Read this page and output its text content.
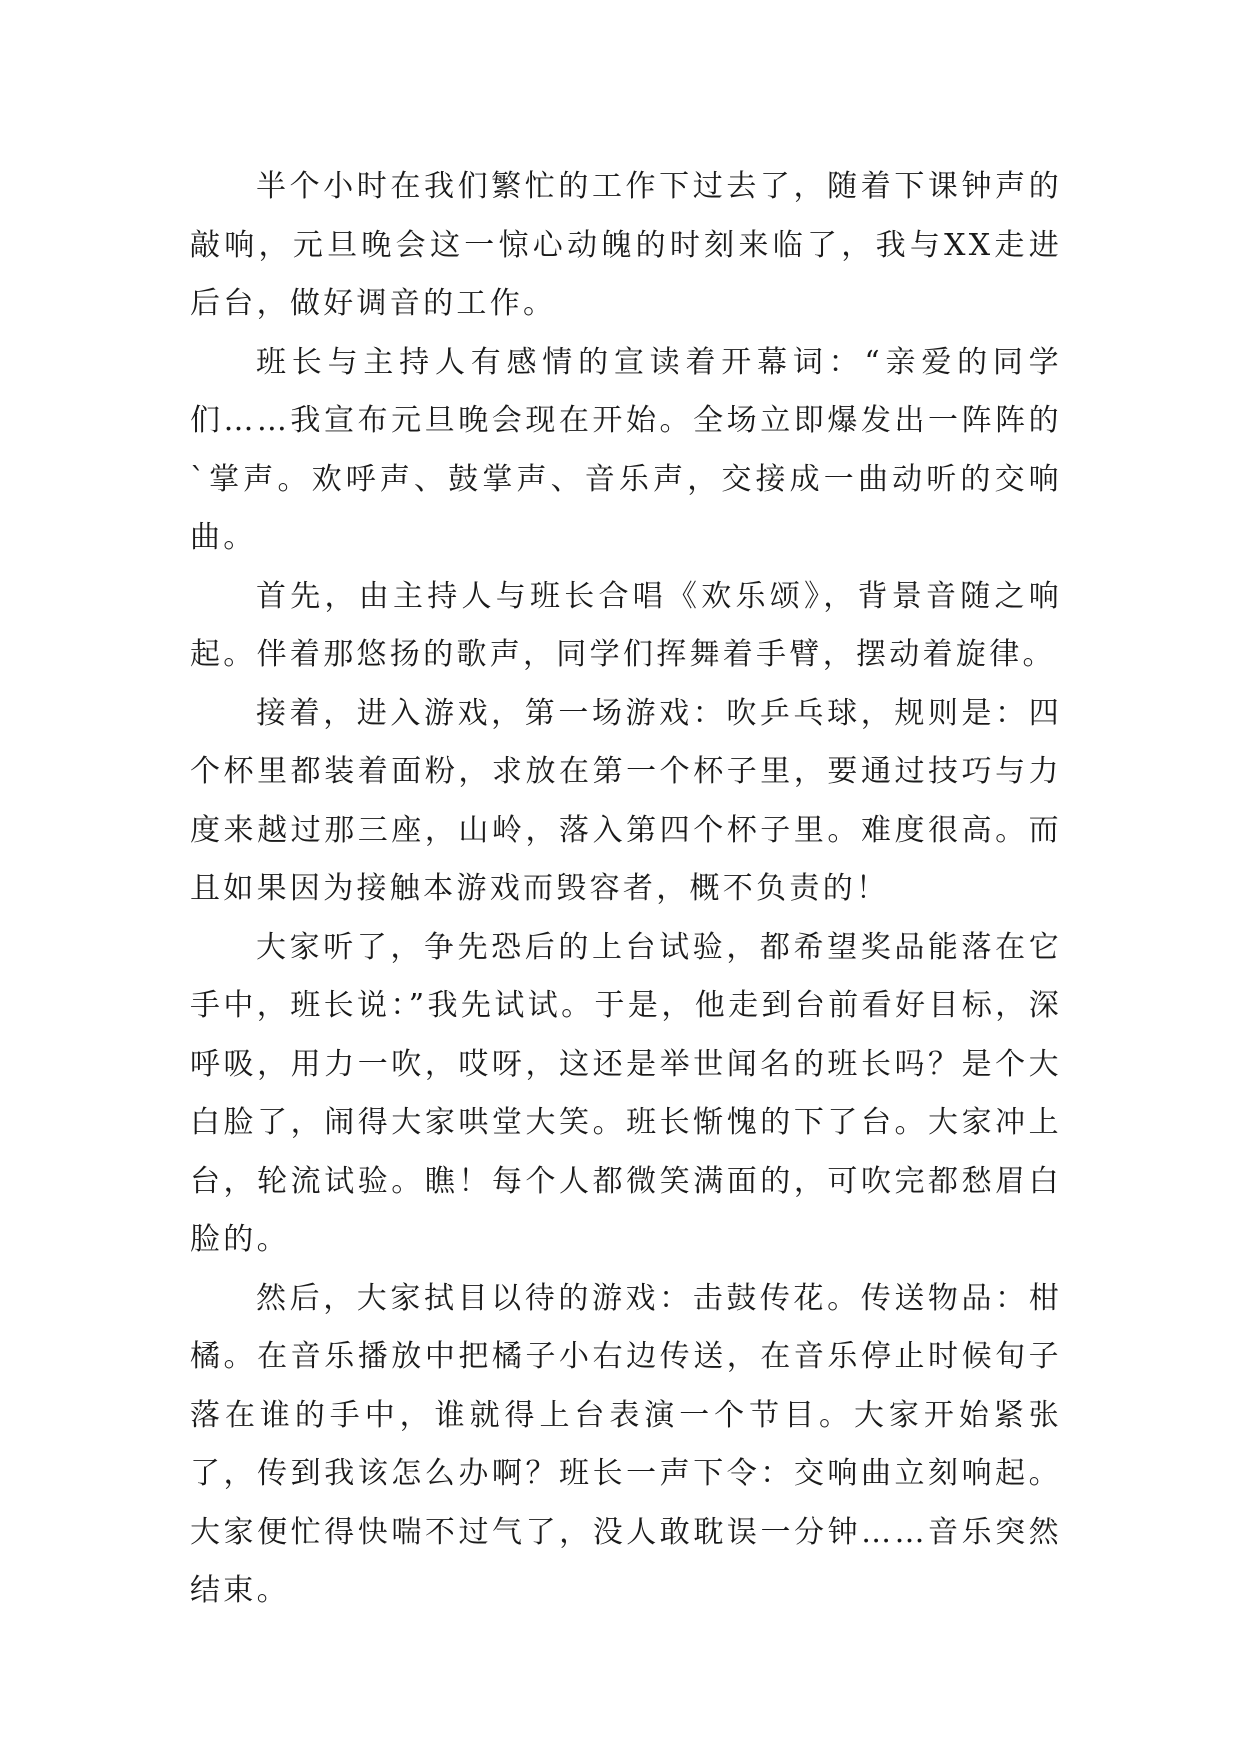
半个小时在我们繁忙的工作下过去了，随着下课钟声的敲响，元旦晚会这一惊心动魄的时刻来临了，我与XX走进后台，做好调音的工作。

班长与主持人有感情的宣读着开幕词：“亲爱的同学们……我宣布元旦晚会现在开始。全场立即爆发出一阵阵的`掌声。欢呼声、鼓掌声、音乐声，交接成一曲动听的交响曲。

首先，由主持人与班长合唱《欢乐颂》，背景音随之响起。伴着那悠扬的歌声，同学们挥舞着手臂，摆动着旋律。

接着，进入游戏，第一场游戏：吹乒乓球，规则是：四个杯里都装着面粉，求放在第一个杯子里，要通过技巧与力度来越过那三座，山岭，落入第四个杯子里。难度很高。而且如果因为接触本游戏而毁容者，概不负责的！

大家听了，争先恐后的上台试验，都希望奖品能落在它手中，班长说：”我先试试。于是，他走到台前看好目标，深呼吸，用力一吹，哎呀，这还是举世闻名的班长吗？是个大白脸了，闹得大家哄堂大笑。班长惭愧的下了台。大家冲上台，轮流试验。瞧！每个人都微笑满面的，可吹完都愁眉白脸的。

然后，大家拭目以待的游戏：击鼓传花。传送物品：柑橘。在音乐播放中把橘子小右边传送，在音乐停止时候旬子落在谁的手中，谁就得上台表演一个节目。大家开始紧张了，传到我该怎么办啊？班长一声下令：交响曲立刻响起。大家便忙得快喘不过气了，没人敢耽误一分钟……音乐突然结束。
